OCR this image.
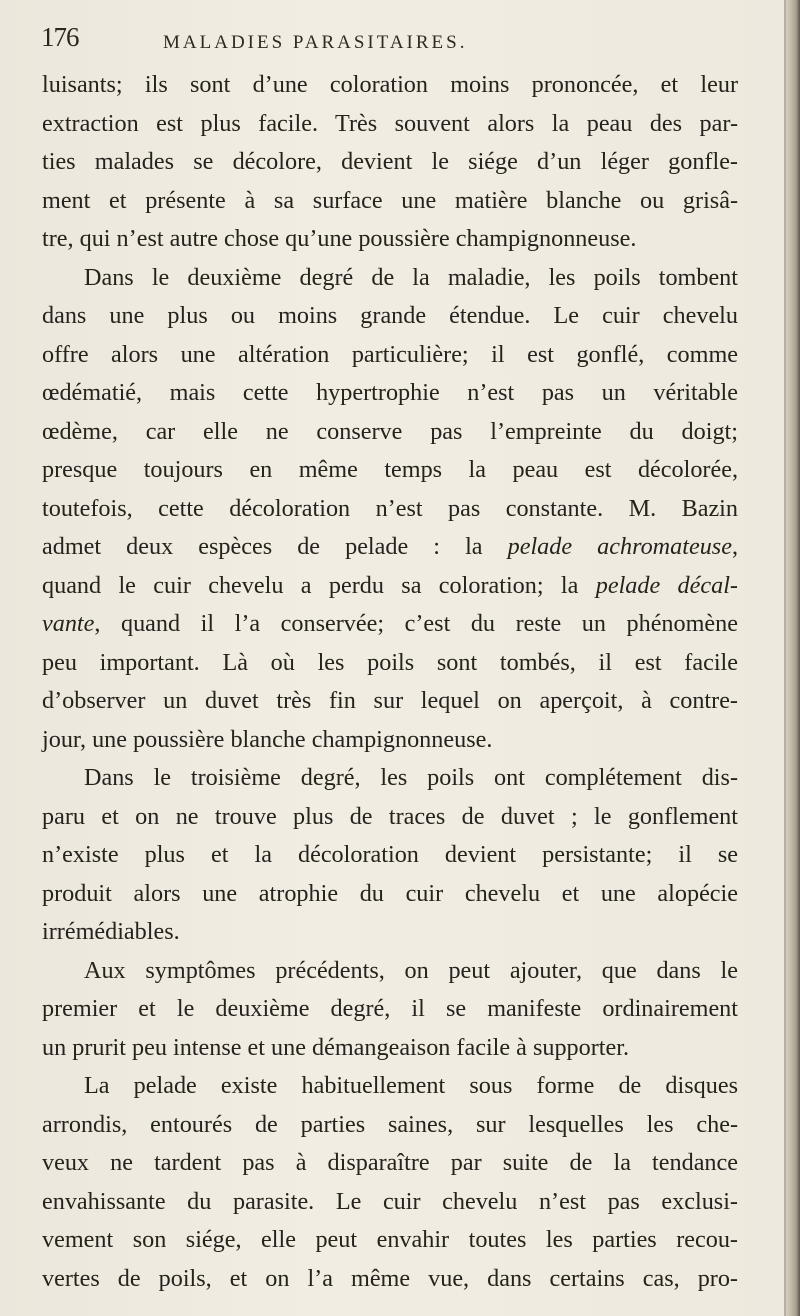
176	MALADIES PARASITAIRES.
luisants; ils sont d’une coloration moins prononcée, et leur
extraction est plus facile. Très souvent alors la peau des par-
ties malades se décolore, devient le siége d’un léger gonfle-
ment et présente à sa surface une matière blanche ou grisâ-
tre, qui n’est autre chose qu’une poussière champignonneuse.
Dans le deuxième degré de la maladie, les poils tombent
dans une plus ou moins grande étendue. Le cuir chevelu
offre alors une altération particulière; il est gonflé, comme
œdématié, mais cette hypertrophie n’est pas un véritable
œdème, car elle ne conserve pas l’empreinte du doigt;
presque toujours en même temps la peau est décolorée,
toutefois, cette décoloration n’est pas constante. M. Bazin
admet deux espèces de pelade : la pelade achromateuse,
quand le cuir chevelu a perdu sa coloration; la pelade décal-
vante, quand il l’a conservée; c’est du reste un phénomène
peu important. Là où les poils sont tombés, il est facile
d’observer un duvet très fin sur lequel on aperçoit, à contre-
jour, une poussière blanche champignonneuse.
Dans le troisième degré, les poils ont complétement dis-
paru et on ne trouve plus de traces de duvet ; le gonflement
n’existe plus et la décoloration devient persistante; il se
produit alors une atrophie du cuir chevelu et une alopécie
irrémédiables.
Aux symptômes précédents, on peut ajouter, que dans le
premier et le deuxième degré, il se manifeste ordinairement
un prurit peu intense et une démangeaison facile à supporter.
La pelade existe habituellement sous forme de disques
arrondis, entourés de parties saines, sur lesquelles les che-
veux ne tardent pas à disparaître par suite de la tendance
envahissante du parasite. Le cuir chevelu n’est pas exclusi-
vement son siége, elle peut envahir toutes les parties recou-
vertes de poils, et on l’a même vue, dans certains cas, pro-
